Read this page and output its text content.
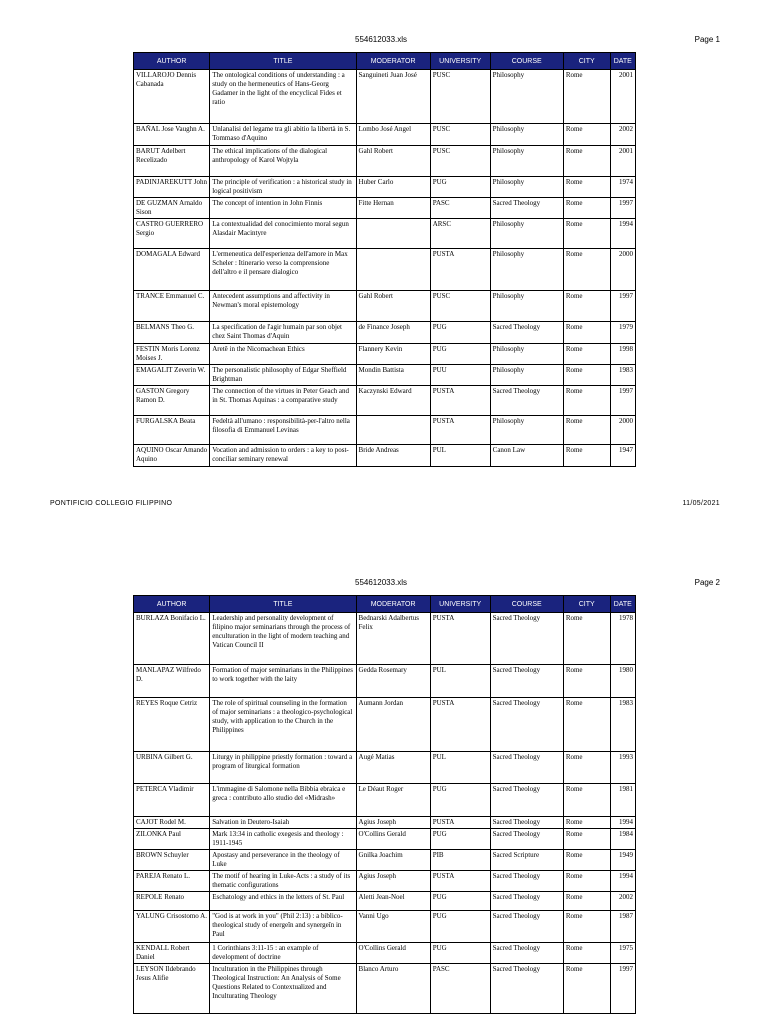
554612033.xls	Page 1
AUTHOR	TITLE	MODERATOR	UNIVERSITY	COURSE	CITY	DATE
VILLAROJO Dennis Cabanada	The ontological conditions of understanding : a study on the hermeneutics of Hans-Georg Gadamer in the light of the encyclical Fides et ratio	Sanguineti Juan José	PUSC	Philosophy	Rome	2001
BAÑAL Jose Vaughn A.	Unlanalisi del legame tra gli abitio la libertà in S. Tommaso d'Aquino	Lombo José Angel	PUSC	Philosophy	Rome	2002
BARUT Adelbert Recelizado	The ethical implications of the dialogical anthropology of Karol Wojtyla	Gahl Robert	PUSC	Philosophy	Rome	2001
PADINJAREKUTT John	The principle of verification : a historical study in logical positivism	Huber Carlo	PUG	Philosophy	Rome	1974
DE GUZMAN Arnaldo Sison	The concept of intention in John Finnis	Fitte Hernan	PASC	Sacred Theology	Rome	1997
CASTRO GUERRERO Sergio	La contextualidad del conocimiento moral segun Alasdair Macintyre		ARSC	Philosophy	Rome	1994
DOMAGALA Edward	L'ermeneutica dell'esperienza dell'amore in Max Scheler : Itinerario verso la comprensione dell'altro e il pensare dialogico		PUSTA	Philosophy	Rome	2000
TRANCE Emmanuel C.	Antecedent assumptions and affectivity in Newman's moral epistemology	Gahl Robert	PUSC	Philosophy	Rome	1997
BELMANS Theo G.	La specification de l'agir humain par son objet chez Saint Thomas d'Aquin	de Finance Joseph	PUG	Sacred Theology	Rome	1979
FESTIN Moris Lorenz Moises J.	Aretê in the Nicomachean Ethics	Flannery Kevin	PUG	Philosophy	Rome	1998
EMAGALIT Zeverin W.	The personalistic philosophy of Edgar Sheffield Brightman	Mondin Battista	PUU	Philosophy	Rome	1983
GASTON Gregory Ramon D.	The connection of the virtues in Peter Geach and in St. Thomas Aquinas : a comparative study	Kaczynski Edward	PUSTA	Sacred Theology	Rome	1997
FURGALSKA Beata	Fedeltà all'umano : responsibilità-per-l'altro nella filosofia di Emmanuel Levinas		PUSTA	Philosophy	Rome	2000
AQUINO Oscar Amando Aquino	Vocation and admission to orders : a key to post-conciliar seminary renewal	Bride Andreas	PUL	Canon Law	Rome	1947
PONTIFICIO COLLEGIO FILIPPINO	11/05/2021
554612033.xls	Page 2
AUTHOR	TITLE	MODERATOR	UNIVERSITY	COURSE	CITY	DATE
BURLAZA Bonifacio L.	Leadership and personality development of filipino major seminarians through the process of enculturation in the light of modern teaching and Vatican Council II	Bednarski Adalbertus Felix	PUSTA	Sacred Theology	Rome	1978
MANLAPAZ Wilfredo D.	Formation of major seminarians in the Philippines to work together with the laity	Gedda Rosemary	PUL	Sacred Theology	Rome	1980
REYES Roque Cetriz	The role of spiritual counseling in the formation of major seminarians : a theologico-psychological study, with application to the Church in the Philippines	Aumann Jordan	PUSTA	Sacred Theology	Rome	1983
URBINA Gilbert G.	Liturgy in philippine priestly formation : toward a program of liturgical formation	Augé Matias	PUL	Sacred Theology	Rome	1993
PETERCA Vladimir	L'immagine di Salomone nella Bibbia ebraica e greca : contributo allo studio del «Midrash»	Le Déaut Roger	PUG	Sacred Theology	Rome	1981
CAJOT Rodel M.	Salvation in Deutero-Isaiah	Agius Joseph	PUSTA	Sacred Theology	Rome	1994
ZILONKA Paul	Mark 13:34 in catholic exegesis and theology : 1911-1945	O'Collins Gerald	PUG	Sacred Theology	Rome	1984
BROWN Schuyler	Apostasy and perseverance in the theology of Luke	Gnilka Joachim	PIB	Sacred Scripture	Rome	1949
PAREJA Renato L.	The motif of hearing in Luke-Acts : a study of its thematic configurations	Agius Joseph	PUSTA	Sacred Theology	Rome	1994
REPOLE Renato	Eschatology and ethics in the letters of St. Paul	Aletti Jean-Noel	PUG	Sacred Theology	Rome	2002
YALUNG Crisostomo A.	"God is at work in you" (Phil 2:13) : a biblico-theological study of energeîn and synergeîn in Paul	Vanni Ugo	PUG	Sacred Theology	Rome	1987
KENDALL Robert Daniel	1 Corinthians 3:11-15 : an example of development of doctrine	O'Collins Gerald	PUG	Sacred Theology	Rome	1975
LEYSON Ildebrando Jesus Alifie	Inculturation in the Philippines through Theological Instruction: An Analysis of Some Questions Related to Contextualized and Inculturating Theology	Blanco Arturo	PASC	Sacred Theology	Rome	1997
